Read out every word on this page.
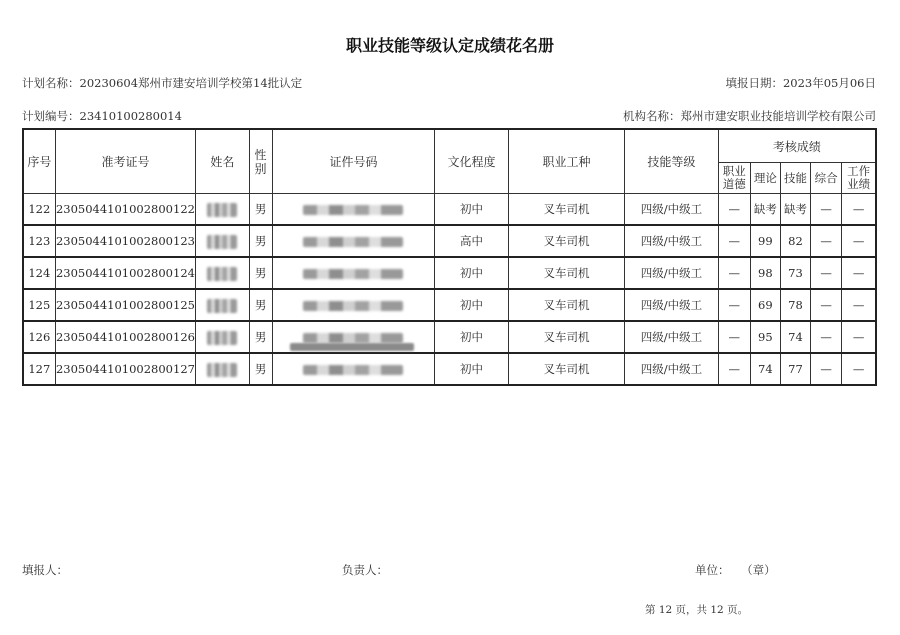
职业技能等级认定成绩花名册
计划名称：20230604郑州市建安培训学校第14批认定	填报日期：2023年05月06日
计划编号：23410100280014	机构名称：郑州市建安职业技能培训学校有限公司
序号	准考证号	姓名	性别	证件号码	文化程度	职业工种	技能等级	考核成绩				
								职业道德	理论	技能	综合	工作业绩
122	230504410100280012​2		男		初中	叉车司机	四级/中级工	—	缺考	缺考	—	—
123	2305044101002800123		男		高中	叉车司机	四级/中级工	—	99	82	—	—
124	2305044101002800124		男		初中	叉车司机	四级/中级工	—	98	73	—	—
125	2305044101002800125		男		初中	叉车司机	四级/中级工	—	69	78	—	—
126	2305044101002800126		男		初中	叉车司机	四级/中级工	—	95	74	—	—
127	2305044101002800127		男		初中	叉车司机	四级/中级工	—	74	77	—	—
填报人：	负责人：	单位： （章）
第 12 页，共 12 页。
